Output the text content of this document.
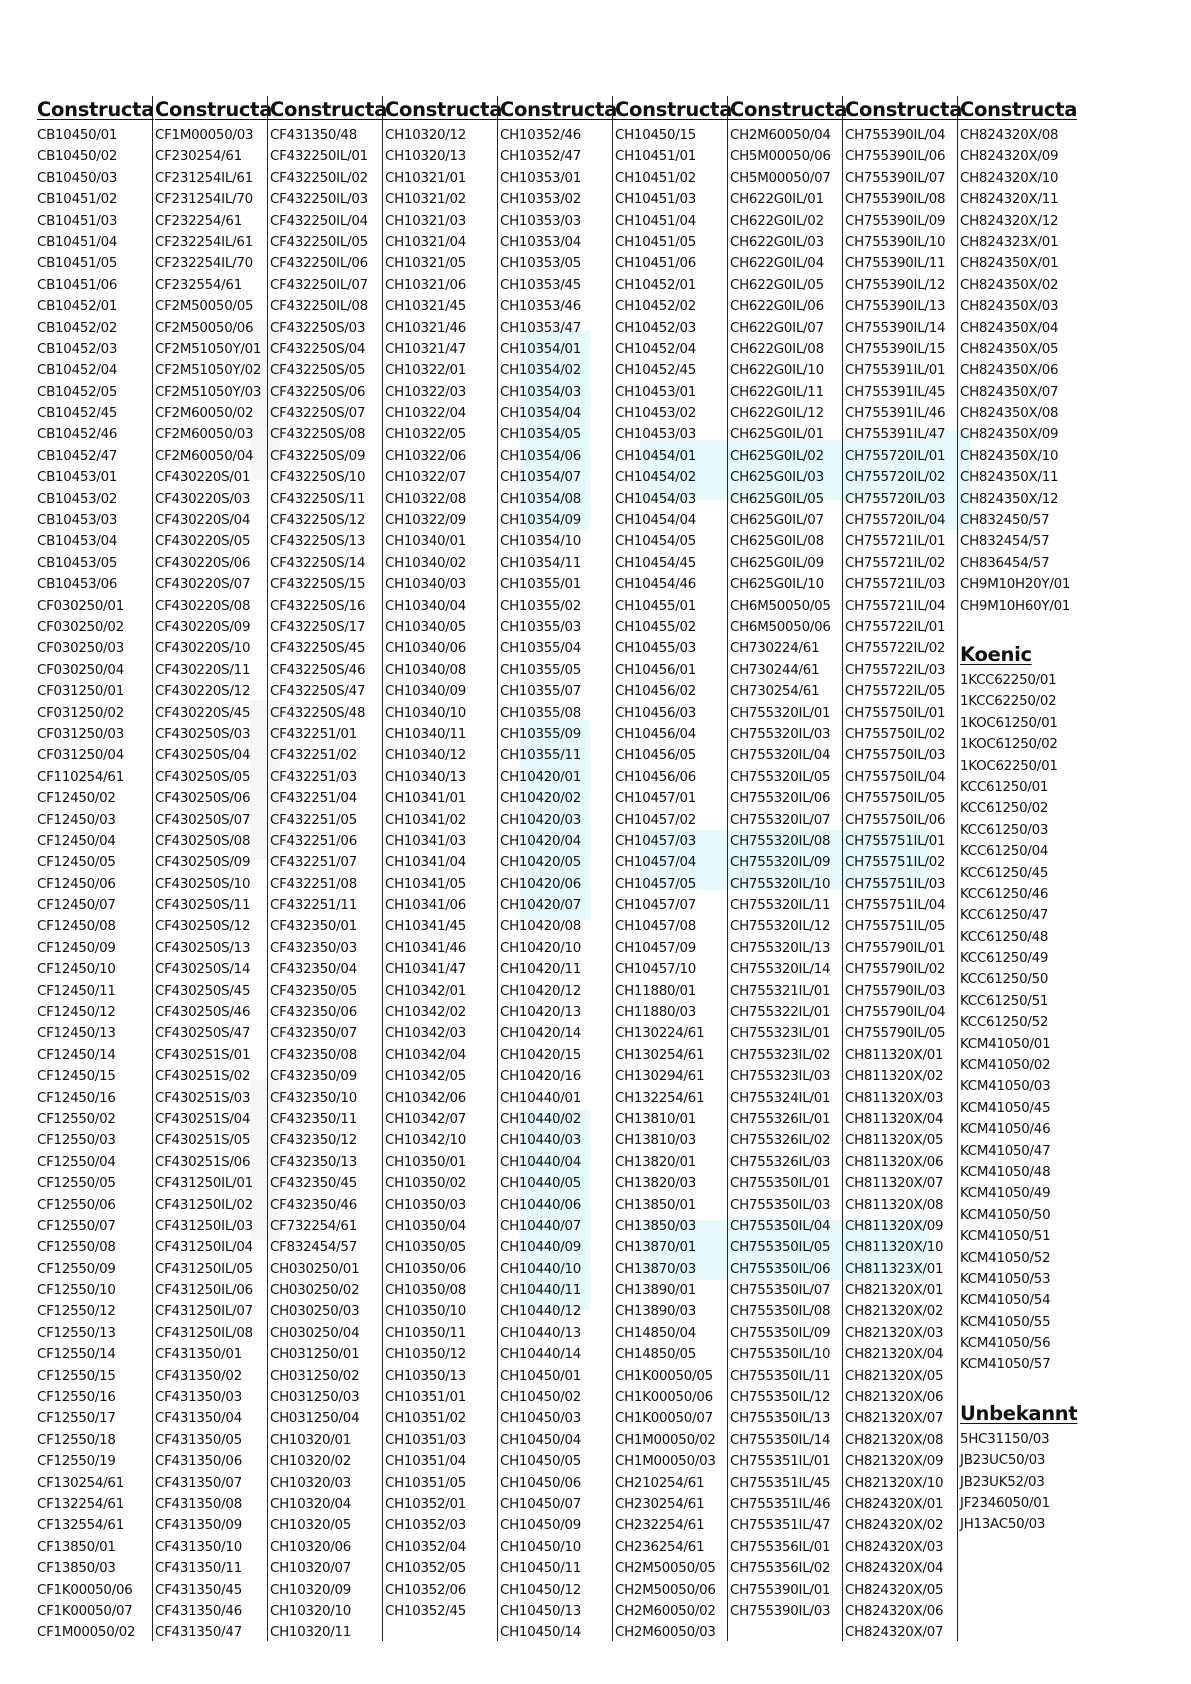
Constructa
CB10450/01
CB10450/02
CB10450/03
CB10451/02
CB10451/03
CB10451/04
CB10451/05
CB10451/06
CB10452/01
CB10452/02
CB10452/03
CB10452/04
CB10452/05
CB10452/45
CB10452/46
CB10452/47
CB10453/01
CB10453/02
CB10453/03
CB10453/04
CB10453/05
CB10453/06
CF030250/01
CF030250/02
CF030250/03
CF030250/04
CF031250/01
CF031250/02
CF031250/03
CF031250/04
CF110254/61
CF12450/02
CF12450/03
CF12450/04
CF12450/05
CF12450/06
CF12450/07
CF12450/08
CF12450/09
CF12450/10
CF12450/11
CF12450/12
CF12450/13
CF12450/14
CF12450/15
CF12450/16
CF12550/02
CF12550/03
CF12550/04
CF12550/05
CF12550/06
CF12550/07
CF12550/08
CF12550/09
CF12550/10
CF12550/12
CF12550/13
CF12550/14
CF12550/15
CF12550/16
CF12550/17
CF12550/18
CF12550/19
CF130254/61
CF132254/61
CF132554/61
CF13850/01
CF13850/03
CF1K00050/06
CF1K00050/07
CF1M00050/02
Constructa
CF1M00050/03
CF230254/61
CF231254IL/61
CF231254IL/70
CF232254/61
CF232254IL/61
CF232254IL/70
CF232554/61
CF2M50050/05
CF2M50050/06
CF2M51050Y/01
CF2M51050Y/02
CF2M51050Y/03
CF2M60050/02
CF2M60050/03
CF2M60050/04
CF430220S/01
CF430220S/03
CF430220S/04
CF430220S/05
CF430220S/06
CF430220S/07
CF430220S/08
CF430220S/09
CF430220S/10
CF430220S/11
CF430220S/12
CF430220S/45
CF430250S/03
CF430250S/04
CF430250S/05
CF430250S/06
CF430250S/07
CF430250S/08
CF430250S/09
CF430250S/10
CF430250S/11
CF430250S/12
CF430250S/13
CF430250S/14
CF430250S/45
CF430250S/46
CF430250S/47
CF430251S/01
CF430251S/02
CF430251S/03
CF430251S/04
CF430251S/05
CF430251S/06
CF431250IL/01
CF431250IL/02
CF431250IL/03
CF431250IL/04
CF431250IL/05
CF431250IL/06
CF431250IL/07
CF431250IL/08
CF431350/01
CF431350/02
CF431350/03
CF431350/04
CF431350/05
CF431350/06
CF431350/07
CF431350/08
CF431350/09
CF431350/10
CF431350/11
CF431350/45
CF431350/46
CF431350/47
Constructa
CF431350/48
CF432250IL/01
CF432250IL/02
CF432250IL/03
CF432250IL/04
CF432250IL/05
CF432250IL/06
CF432250IL/07
CF432250IL/08
CF432250S/03
CF432250S/04
CF432250S/05
CF432250S/06
CF432250S/07
CF432250S/08
CF432250S/09
CF432250S/10
CF432250S/11
CF432250S/12
CF432250S/13
CF432250S/14
CF432250S/15
CF432250S/16
CF432250S/17
CF432250S/45
CF432250S/46
CF432250S/47
CF432250S/48
CF432251/01
CF432251/02
CF432251/03
CF432251/04
CF432251/05
CF432251/06
CF432251/07
CF432251/08
CF432251/11
CF432350/01
CF432350/03
CF432350/04
CF432350/05
CF432350/06
CF432350/07
CF432350/08
CF432350/09
CF432350/10
CF432350/11
CF432350/12
CF432350/13
CF432350/45
CF432350/46
CF732254/61
CF832454/57
CH030250/01
CH030250/02
CH030250/03
CH030250/04
CH031250/01
CH031250/02
CH031250/03
CH031250/04
CH10320/01
CH10320/02
CH10320/03
CH10320/04
CH10320/05
CH10320/06
CH10320/07
CH10320/09
CH10320/10
CH10320/11
Constructa
CH10320/12
CH10320/13
CH10321/01
CH10321/02
CH10321/03
CH10321/04
CH10321/05
CH10321/06
CH10321/45
CH10321/46
CH10321/47
CH10322/01
CH10322/03
CH10322/04
CH10322/05
CH10322/06
CH10322/07
CH10322/08
CH10322/09
CH10340/01
CH10340/02
CH10340/03
CH10340/04
CH10340/05
CH10340/06
CH10340/08
CH10340/09
CH10340/10
CH10340/11
CH10340/12
CH10340/13
CH10341/01
CH10341/02
CH10341/03
CH10341/04
CH10341/05
CH10341/06
CH10341/45
CH10341/46
CH10341/47
CH10342/01
CH10342/02
CH10342/03
CH10342/04
CH10342/05
CH10342/06
CH10342/07
CH10342/10
CH10350/01
CH10350/02
CH10350/03
CH10350/04
CH10350/05
CH10350/06
CH10350/08
CH10350/10
CH10350/11
CH10350/12
CH10350/13
CH10351/01
CH10351/02
CH10351/03
CH10351/04
CH10351/05
CH10352/01
CH10352/03
CH10352/04
CH10352/05
CH10352/06
CH10352/45
Constructa
CH10352/46
CH10352/47
CH10353/01
CH10353/02
CH10353/03
CH10353/04
CH10353/05
CH10353/45
CH10353/46
CH10353/47
CH10354/01
CH10354/02
CH10354/03
CH10354/04
CH10354/05
CH10354/06
CH10354/07
CH10354/08
CH10354/09
CH10354/10
CH10354/11
CH10355/01
CH10355/02
CH10355/03
CH10355/04
CH10355/05
CH10355/07
CH10355/08
CH10355/09
CH10355/11
CH10420/01
CH10420/02
CH10420/03
CH10420/04
CH10420/05
CH10420/06
CH10420/07
CH10420/08
CH10420/10
CH10420/11
CH10420/12
CH10420/13
CH10420/14
CH10420/15
CH10420/16
CH10440/01
CH10440/02
CH10440/03
CH10440/04
CH10440/05
CH10440/06
CH10440/07
CH10440/09
CH10440/10
CH10440/11
CH10440/12
CH10440/13
CH10440/14
CH10450/01
CH10450/02
CH10450/03
CH10450/04
CH10450/05
CH10450/06
CH10450/07
CH10450/09
CH10450/10
CH10450/11
CH10450/12
CH10450/13
CH10450/14
Constructa
CH10450/15
CH10451/01
CH10451/02
CH10451/03
CH10451/04
CH10451/05
CH10451/06
CH10452/01
CH10452/02
CH10452/03
CH10452/04
CH10452/45
CH10453/01
CH10453/02
CH10453/03
CH10454/01
CH10454/02
CH10454/03
CH10454/04
CH10454/05
CH10454/45
CH10454/46
CH10455/01
CH10455/02
CH10455/03
CH10456/01
CH10456/02
CH10456/03
CH10456/04
CH10456/05
CH10456/06
CH10457/01
CH10457/02
CH10457/03
CH10457/04
CH10457/05
CH10457/07
CH10457/08
CH10457/09
CH10457/10
CH11880/01
CH11880/03
CH130224/61
CH130254/61
CH130294/61
CH132254/61
CH13810/01
CH13810/03
CH13820/01
CH13820/03
CH13850/01
CH13850/03
CH13870/01
CH13870/03
CH13890/01
CH13890/03
CH14850/04
CH14850/05
CH1K00050/05
CH1K00050/06
CH1K00050/07
CH1M00050/02
CH1M00050/03
CH210254/61
CH230254/61
CH232254/61
CH236254/61
CH2M50050/05
CH2M50050/06
CH2M60050/02
CH2M60050/03
Constructa
CH2M60050/04
CH5M00050/06
CH5M00050/07
CH622G0IL/01
CH622G0IL/02
CH622G0IL/03
CH622G0IL/04
CH622G0IL/05
CH622G0IL/06
CH622G0IL/07
CH622G0IL/08
CH622G0IL/10
CH622G0IL/11
CH622G0IL/12
CH625G0IL/01
CH625G0IL/02
CH625G0IL/03
CH625G0IL/05
CH625G0IL/07
CH625G0IL/08
CH625G0IL/09
CH625G0IL/10
CH6M50050/05
CH6M50050/06
CH730224/61
CH730244/61
CH730254/61
CH755320IL/01
CH755320IL/03
CH755320IL/04
CH755320IL/05
CH755320IL/06
CH755320IL/07
CH755320IL/08
CH755320IL/09
CH755320IL/10
CH755320IL/11
CH755320IL/12
CH755320IL/13
CH755320IL/14
CH755321IL/01
CH755322IL/01
CH755323IL/01
CH755323IL/02
CH755323IL/03
CH755324IL/01
CH755326IL/01
CH755326IL/02
CH755326IL/03
CH755350IL/01
CH755350IL/03
CH755350IL/04
CH755350IL/05
CH755350IL/06
CH755350IL/07
CH755350IL/08
CH755350IL/09
CH755350IL/10
CH755350IL/11
CH755350IL/12
CH755350IL/13
CH755350IL/14
CH755351IL/01
CH755351IL/45
CH755351IL/46
CH755351IL/47
CH755356IL/01
CH755356IL/02
CH755390IL/01
CH755390IL/03
Constructa
CH755390IL/04
CH755390IL/06
CH755390IL/07
CH755390IL/08
CH755390IL/09
CH755390IL/10
CH755390IL/11
CH755390IL/12
CH755390IL/13
CH755390IL/14
CH755390IL/15
CH755391IL/01
CH755391IL/45
CH755391IL/46
CH755391IL/47
CH755720IL/01
CH755720IL/02
CH755720IL/03
CH755720IL/04
CH755721IL/01
CH755721IL/02
CH755721IL/03
CH755721IL/04
CH755722IL/01
CH755722IL/02
CH755722IL/03
CH755722IL/05
CH755750IL/01
CH755750IL/02
CH755750IL/03
CH755750IL/04
CH755750IL/05
CH755750IL/06
CH755751IL/01
CH755751IL/02
CH755751IL/03
CH755751IL/04
CH755751IL/05
CH755790IL/01
CH755790IL/02
CH755790IL/03
CH755790IL/04
CH755790IL/05
CH811320X/01
CH811320X/02
CH811320X/03
CH811320X/04
CH811320X/05
CH811320X/06
CH811320X/07
CH811320X/08
CH811320X/09
CH811320X/10
CH811323X/01
CH821320X/01
CH821320X/02
CH821320X/03
CH821320X/04
CH821320X/05
CH821320X/06
CH821320X/07
CH821320X/08
CH821320X/09
CH821320X/10
CH824320X/01
CH824320X/02
CH824320X/03
CH824320X/04
CH824320X/05
CH824320X/06
CH824320X/07
Constructa
CH824320X/08
CH824320X/09
CH824320X/10
CH824320X/11
CH824320X/12
CH824323X/01
CH824350X/01
CH824350X/02
CH824350X/03
CH824350X/04
CH824350X/05
CH824350X/06
CH824350X/07
CH824350X/08
CH824350X/09
CH824350X/10
CH824350X/11
CH824350X/12
CH832450/57
CH832454/57
CH836454/57
CH9M10H20Y/01
CH9M10H60Y/01
Koenic
1KCC62250/01
1KCC62250/02
1KOC61250/01
1KOC61250/02
1KOC62250/01
KCC61250/01
KCC61250/02
KCC61250/03
KCC61250/04
KCC61250/45
KCC61250/46
KCC61250/47
KCC61250/48
KCC61250/49
KCC61250/50
KCC61250/51
KCC61250/52
KCM41050/01
KCM41050/02
KCM41050/03
KCM41050/45
KCM41050/46
KCM41050/47
KCM41050/48
KCM41050/49
KCM41050/50
KCM41050/51
KCM41050/52
KCM41050/53
KCM41050/54
KCM41050/55
KCM41050/56
KCM41050/57
Unbekannt
5HC31150/03
JB23UC50/03
JB23UK52/03
JF2346050/01
JH13AC50/03
